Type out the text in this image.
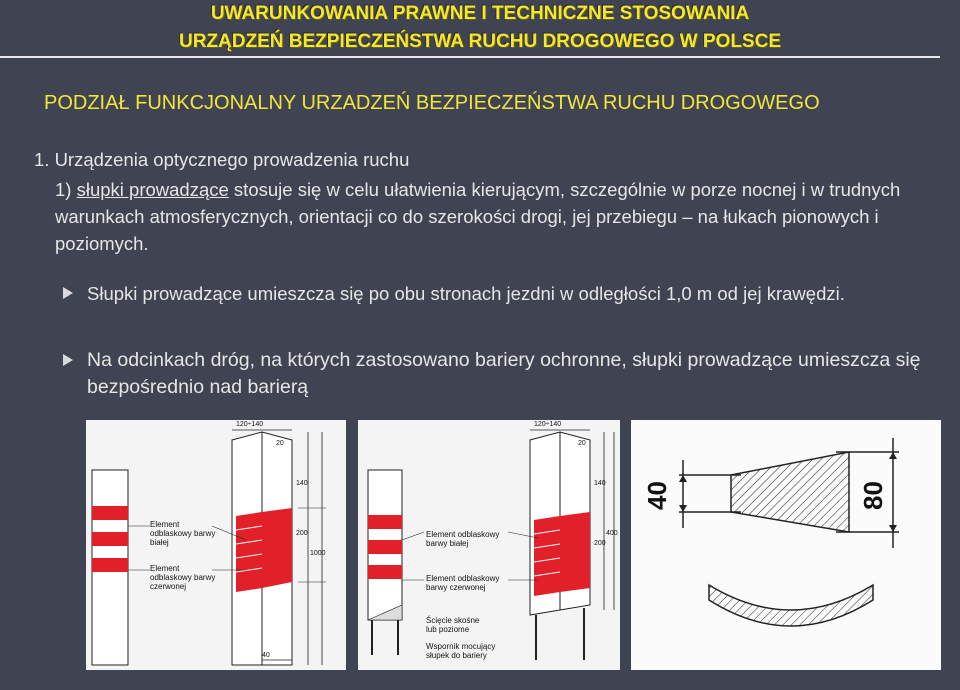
UWARUNKOWANIA PRAWNE I TECHNICZNE STOSOWANIA
URZĄDZEŃ BEZPIECZEŃSTWA RUCHU DROGOWEGO W POLSCE
PODZIAŁ FUNKCJONALNY URZADZEŃ BEZPIECZEŃSTWA RUCHU DROGOWEGO
1. Urządzenia optycznego prowadzenia ruchu
1) słupki prowadzące stosuje się w celu ułatwienia kierującym, szczególnie w porze nocnej i w trudnych warunkach atmosferycznych, orientacji co do szerokości drogi, jej przebiegu – na łukach pionowych i poziomych.
Słupki prowadzące umieszcza się po obu stronach jezdni w odległości 1,0 m od jej krawędzi.
Na odcinkach dróg, na których zastosowano bariery ochronne, słupki prowadzące umieszcza się bezpośrednio nad barierą
120÷140
20
140
200
1000
40
Element odblaskowy barwy białej
Element odblaskowy barwy czerwonej
120÷140
20
140
200
400
Element odblaskowy barwy białej
Element odblaskowy barwy czerwonej
Ścięcie skośne lub poziome
Wspornik mocujący słupek do bariery
40	80
